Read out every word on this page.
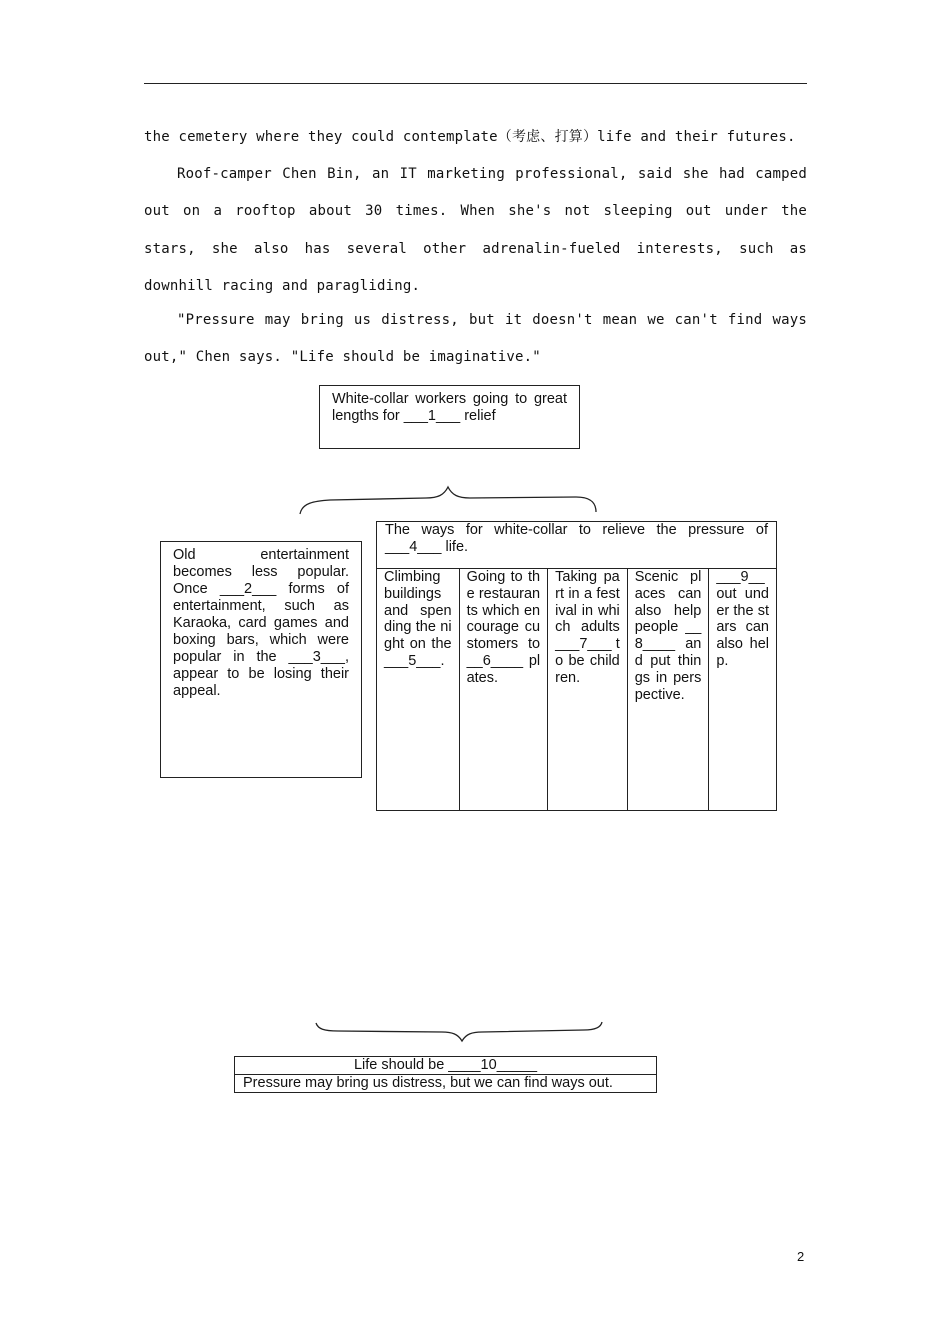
the cemetery where they could contemplate（考虑、打算）life and their futures.

Roof-camper Chen Bin, an IT marketing professional, said she had camped out on a rooftop about 30 times. When she's not sleeping out under the stars, she also has several other adrenalin-fueled interests, such as downhill racing and paragliding.

"Pressure may bring us distress, but it doesn't mean we can't find ways out," Chen says. "Life should be imaginative."

White-collar workers going to great lengths for ___1___ relief
Old entertainment becomes less popular. Once ___2___ forms of entertainment, such as Karaoka, card games and boxing bars, which were popular in the ___3___, appear to be losing their appeal.
The ways for white-collar to relieve the pressure of ___4___ life.
Climbing buildings and spending the night on the ___5___.
Going to the restaurants which encourage customers to __6____ plates.
Taking part in a festival in which adults ___7___ to be children.
Scenic places can also help people __8____ and put things in perspective.
___9__ out under the stars can also help.
Life should be ____10_____
Pressure may bring us distress, but we can find ways out.
2
